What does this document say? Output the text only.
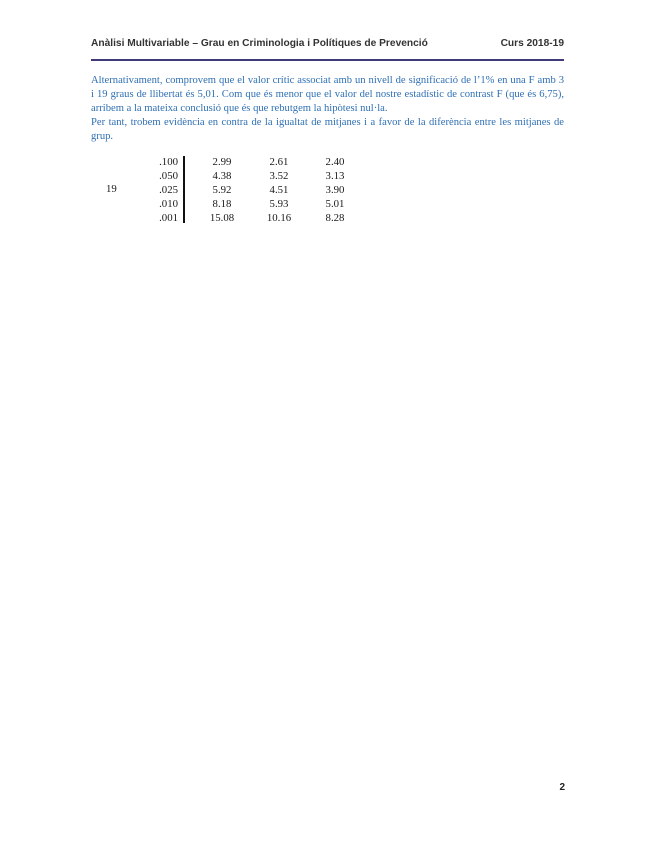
Anàlisi Multivariable – Grau en Criminologia i Polítiques de Prevenció	Curs 2018-19

Alternativament, comprovem que el valor crític associat amb un nivell de significació de l’1% en una F amb 3 i 19 graus de llibertat és 5,01. Com que és menor que el valor del nostre estadístic de contrast F (que és 6,75), arribem a la mateixa conclusió que és que rebutgem la hipòtesi nul·la.

Per tant, trobem evidència en contra de la igualtat de mitjanes i a favor de la diferència entre les mitjanes de grup.

19
.100
.050
.025
.010
.001
2.99
4.38
5.92
8.18
15.08
2.61
3.52
4.51
5.93
10.16
2.40
3.13
3.90
5.01
8.28
2
